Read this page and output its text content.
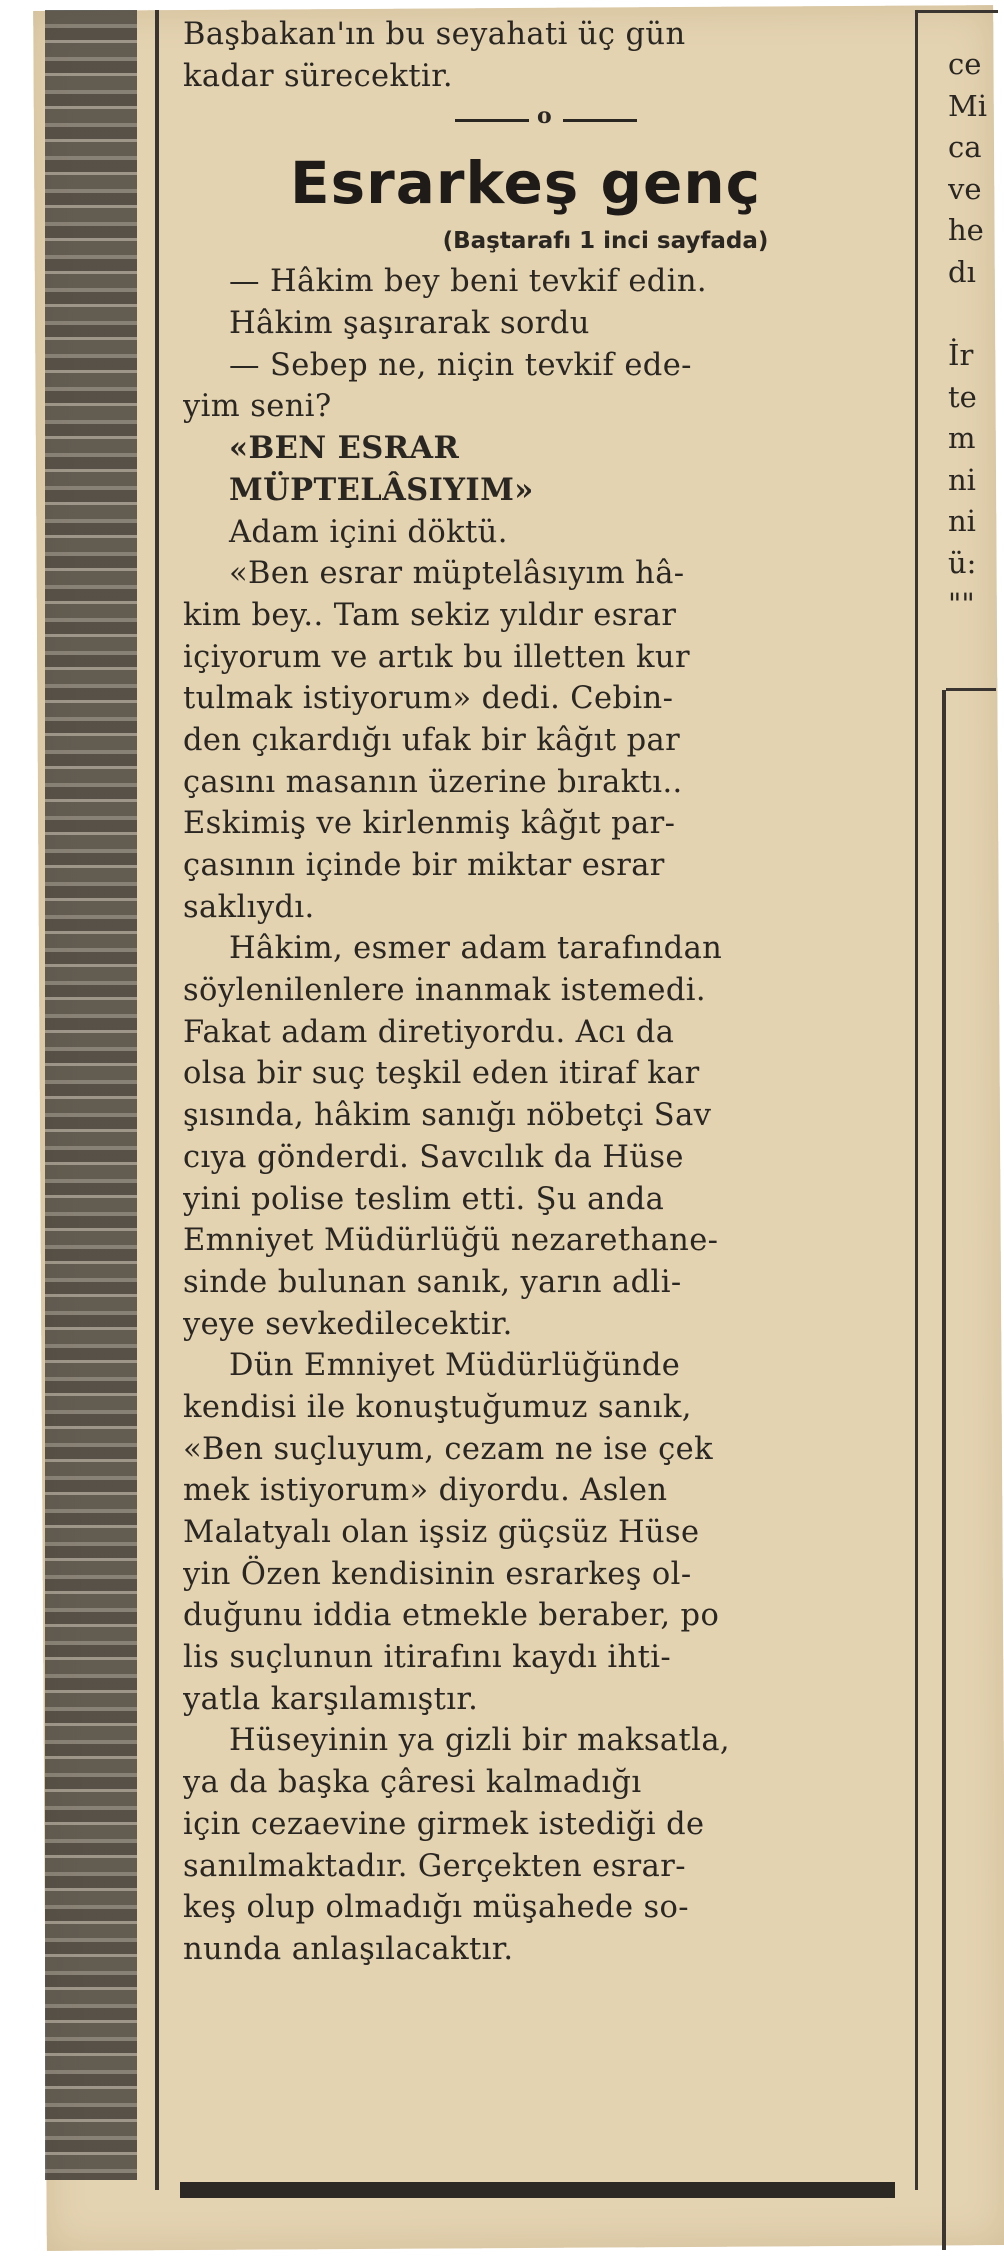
Başbakan'ın bu seyahati üç gün
kadar sürecektir.
o
Esrarkeş genç
(Baştarafı 1 inci sayfada)
— Hâkim bey beni tevkif edin.
Hâkim şaşırarak sordu
— Sebep ne, niçin tevkif ede-
yim seni?
«BEN ESRAR
MÜPTELÂSIYIM»
Adam içini döktü.
«Ben esrar müptelâsıyım hâ-
kim bey.. Tam sekiz yıldır esrar
içiyorum ve artık bu illetten kur
tulmak istiyorum» dedi. Cebin-
den çıkardığı ufak bir kâğıt par
çasını masanın üzerine bıraktı..
Eskimiş ve kirlenmiş kâğıt par-
çasının içinde bir miktar esrar
saklıydı.
Hâkim, esmer adam tarafından
söylenilenlere inanmak istemedi.
Fakat adam diretiyordu. Acı da
olsa bir suç teşkil eden itiraf kar
şısında, hâkim sanığı nöbetçi Sav
cıya gönderdi. Savcılık da Hüse
yini polise teslim etti. Şu anda
Emniyet Müdürlüğü nezarethane-
sinde bulunan sanık, yarın adli-
yeye sevkedilecektir.
Dün Emniyet Müdürlüğünde
kendisi ile konuştuğumuz sanık,
«Ben suçluyum, cezam ne ise çek
mek istiyorum» diyordu. Aslen
Malatyalı olan işsiz güçsüz Hüse
yin Özen kendisinin esrarkeş ol-
duğunu iddia etmekle beraber, po
lis suçlunun itirafını kaydı ihti-
yatla karşılamıştır.
Hüseyinin ya gizli bir maksatla,
ya da başka çâresi kalmadığı
için cezaevine girmek istediği de
sanılmaktadır. Gerçekten esrar-
keş olup olmadığı müşahede so-
nunda anlaşılacaktır.
ce
Mi
ca
ve
he
dı
İr
te
m
ni
ni
ü:
""
